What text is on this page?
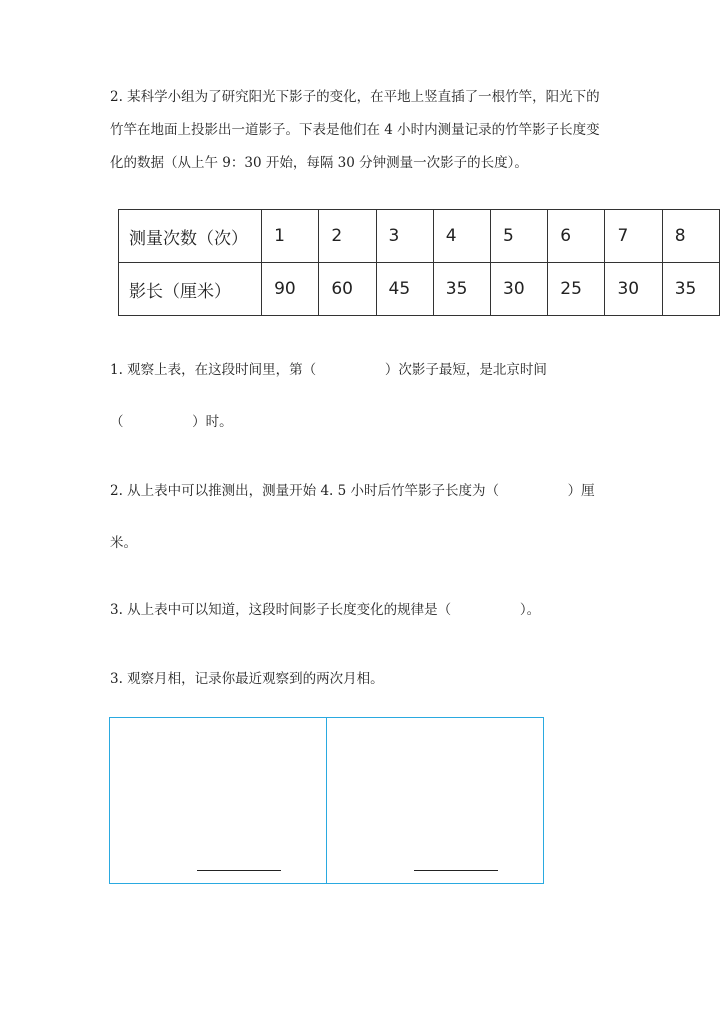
2. 某科学小组为了研究阳光下影子的变化，在平地上竖直插了一根竹竿，阳光下的竹竿在地面上投影出一道影子。下表是他们在 4 小时内测量记录的竹竿影子长度变化的数据（从上午 9：30 开始，每隔 30 分钟测量一次影子的长度）。

测量次数（次）	1	2	3	4	5	6	7	8
影长（厘米）	90	60	45	35	30	25	30	35
1. 观察上表，在这段时间里，第（                ）次影子最短，是北京时间
（                ）时。
2. 从上表中可以推测出，测量开始 4. 5 小时后竹竿影子长度为（                ）厘
米。
3. 从上表中可以知道，这段时间影子长度变化的规律是（                ）。
3. 观察月相，记录你最近观察到的两次月相。
